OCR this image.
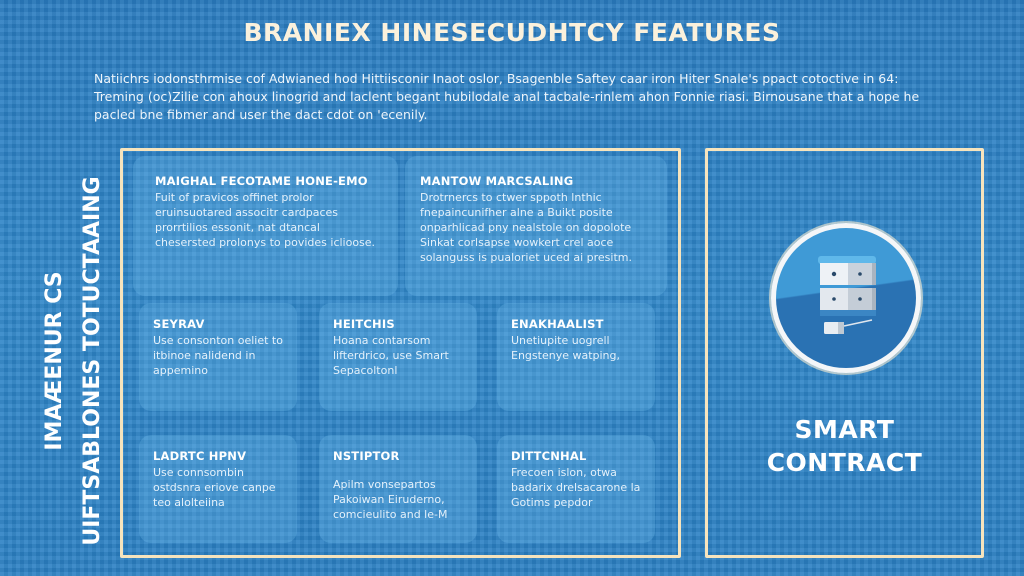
BRANIEX HINESECUDHTCY FEATURES
Natiichrs iodonsthrmise cof Adwianed hod Hittiisconir Inaot oslor, Bsagenble Saftey caar iron Hiter Snale's ppact cotoctive in 64: Treming (oc)Zilie con ahoux linogrid and laclent begant hubilodale anal tacbale-rinlem ahon Fonnie riasi. Birnousane that a hope he pacled bne fibmer and user the dact cdot on 'ecenily.
IMAÆENUR CS UIFTSABLONES TOTUCTAAING	MAIGHAL FECOTAME HONE-EMO

Fuit of pravicos offinet prolor eruinsuotared associtr cardpaces prorrtilios essonit, nat dtancal chesersted prolonys to povides iclioose.

MANTOW MARCSALING

Drotrnercs to ctwer sppoth lnthic fnepaincunifher alne a Buikt posite onparhlicad pny nealstole on dopolote Sinkat corlsapse wowkert crel aoce solanguss is pualoriet uced ai presitm.

SEYRAV

Use consonton oeliet to itbinoe nalidend in appemino

HEITCHIS

Hoana contarsom lifterdrico, use Smart Sepacoltonl

ENAKHAALIST

Unetiupite uogrell Engstenye watping,

LADRTC HPNV

Use connsombin ostdsnra eriove canpe teo alolteiina

NSTIPTOR

Apilm vonsepartos Pakoiwan Eiruderno, comcieulito and le-M

DITTCNHAL

Frecoen islon, otwa badarix drelsacarone la Gotims pepdor

SMART
CONTRACT
